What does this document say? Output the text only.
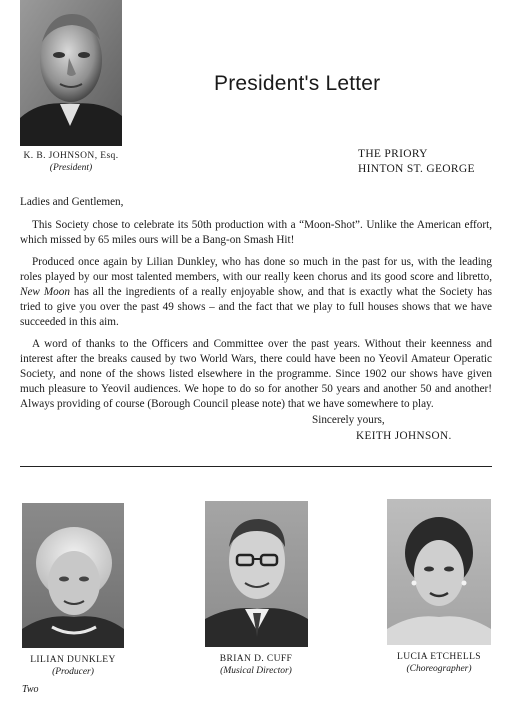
K. B. JOHNSON, Esq.
(President)
President's Letter
THE PRIORY
HINTON ST. GEORGE
Ladies and Gentlemen,

This Society chose to celebrate its 50th production with a “Moon-Shot”. Unlike the American effort, which missed by 65 miles ours will be a Bang-on Smash Hit!

Produced once again by Lilian Dunkley, who has done so much in the past for us, with the leading roles played by our most talented members, with our really keen chorus and its good score and libretto, New Moon has all the ingredients of a really enjoyable show, and that is exactly what the Society has tried to give you over the past 49 shows – and the fact that we play to full houses shows that we have succeeded in this aim.

A word of thanks to the Officers and Committee over the past years. Without their keenness and interest after the breaks caused by two World Wars, there could have been no Yeovil Amateur Operatic Society, and none of the shows listed elsewhere in the programme. Since 1902 our shows have given much pleasure to Yeovil audiences. We hope to do so for another 50 years and another 50 and another! Always providing of course (Borough Council please note) that we have somewhere to play.

Sincerely yours,
KEITH JOHNSON.
LILIAN DUNKLEY
(Producer)
BRIAN D. CUFF
(Musical Director)
LUCIA ETCHELLS
(Choreographer)
Two
